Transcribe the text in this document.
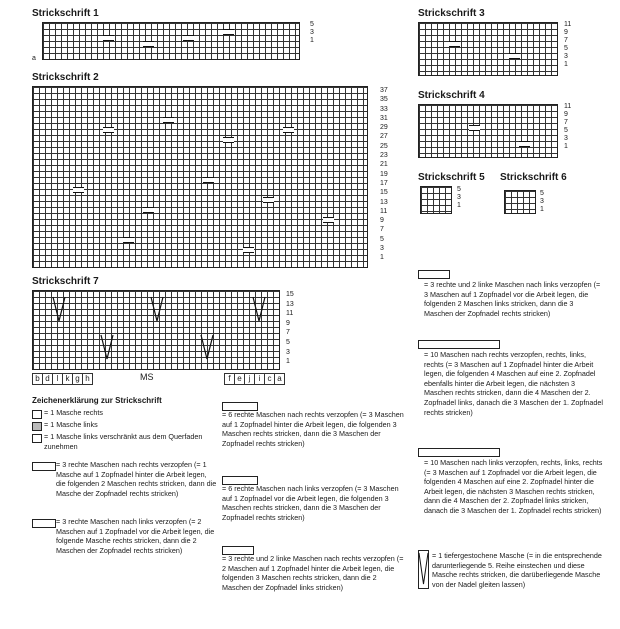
Strickschrift 1
5
3
1
a
Strickschrift 2
37
35
33
31
29
27
25
23
21
19
17
15
13
11
9
7
5
3
1
Strickschrift 3
11
9
7
5
3
1
Strickschrift 4
11
9
7
5
3
1
Strickschrift 5
5
3
1
Strickschrift 6
5
3
1
Strickschrift 7
15
13
11
9
7
5
3
1
b d l k g h	MS	f e j	i c a
Zeichenerklärung zur Strickschrift
= 1 Masche rechts
= 1 Masche links
= 1 Masche links verschränkt aus dem Querfaden zunehmen
= 3 rechte Maschen nach rechts verzopfen (= 1 Masche auf 1 Zopfnadel hinter die Arbeit legen, die folgenden 2 Maschen rechts stricken, dann die Masche der Zopfnadel rechts stricken)
= 3 rechte Maschen nach links verzopfen (= 2 Maschen auf 1 Zopfnadel vor die Arbeit legen, die folgende Masche rechts stricken, dann die 2 Maschen der Zopfnadel rechts stricken)
= 6 rechte Maschen nach rechts verzopfen (= 3 Maschen auf 1 Zopfnadel hinter die Arbeit legen, die folgenden 3 Maschen rechts stricken, dann die 3 Maschen der Zopfnadel rechts stricken)
= 6 rechte Maschen nach links verzopfen (= 3 Maschen auf 1 Zopfnadel vor die Arbeit legen, die folgenden 3 Maschen rechts stricken, dann die 3 Maschen der Zopfnadel rechts stricken)
= 3 rechte und 2 linke Maschen nach rechts verzopfen (= 2 Maschen auf 1 Zopfnadel hinter die Arbeit legen, die folgenden 3 Maschen rechts stricken, dann die 2 Maschen der Zopfnadel links stricken)
= 3 rechte und 2 linke Maschen nach links verzopfen (= 3 Maschen auf 1 Zopfnadel vor die Arbeit legen, die folgenden 2 Maschen links stricken, dann die 3 Maschen der Zopfnadel rechts stricken)
= 10 Maschen nach rechts verzopfen, rechts, links, rechts (= 3 Maschen auf 1 Zopfnadel hinter die Arbeit legen, die folgenden 4 Maschen auf eine 2. Zopfnadel ebenfalls hinter die Arbeit legen, die nächsten 3 Maschen rechts stricken, dann die 4 Maschen der 2. Zopfnadel links, danach die 3 Maschen der 1. Zopfnadel rechts stricken)
= 10 Maschen nach links verzopfen, rechts, links, rechts (= 3 Maschen auf 1 Zopfnadel vor die Arbeit legen, die folgenden 4 Maschen auf eine 2. Zopfnadel hinter die Arbeit legen, die nächsten 3 Maschen rechts stricken, dann die 4 Maschen der 2. Zopfnadel links stricken, danach die 3 Maschen der 1. Zopfnadel rechts stricken)
= 1 tiefergestochene Masche (= in die entsprechende darunterliegende 5. Reihe einstechen und diese Masche rechts stricken, die darüberliegende Masche von der Nadel gleiten lassen)
